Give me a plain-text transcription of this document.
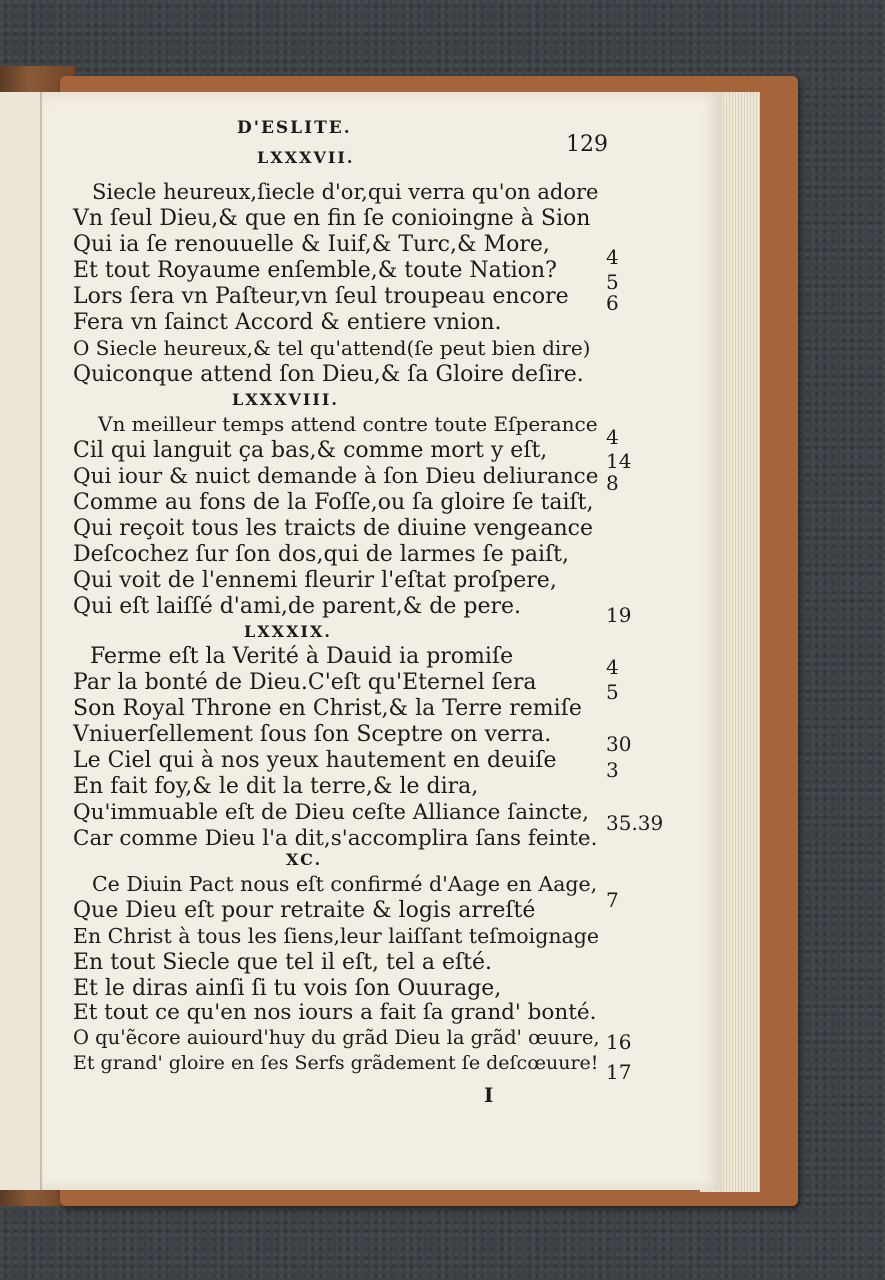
D'ESLITE.
129
LXXXVII.
Siecle heureux,ſiecle d'or,qui verra qu'on adore
Vn ſeul Dieu,& que en fin ſe conioingne à Sion
Qui ia ſe renouuelle & Iuif,& Turc,& More,
Et tout Royaume enſemble,& toute Nation?
Lors ſera vn Paſteur,vn ſeul troupeau encore
Fera vn ſainct Accord & entiere vnion.
O Siecle heureux,& tel qu'attend(ſe peut bien dire)
Quiconque attend ſon Dieu,& ſa Gloire deſire.
4
5
6
LXXXVIII.
Vn meilleur temps attend contre toute Eſperance
Cil qui languit ça bas,& comme mort y eſt,
Qui iour & nuict demande à ſon Dieu deliurance
Comme au fons de la Foſſe,ou ſa gloire ſe taiſt,
Qui reçoit tous les traicts de diuine vengeance
Deſcochez ſur ſon dos,qui de larmes ſe paiſt,
Qui voit de l'ennemi fleurir l'eſtat proſpere,
Qui eſt laiſſé d'ami,de parent,& de pere.
4
14
8
19
LXXXIX.
Ferme eſt la Verité à Dauid ia promiſe
Par la bonté de Dieu.C'eſt qu'Eternel ſera
Son Royal Throne en Christ,& la Terre remiſe
Vniuerſellement ſous ſon Sceptre on verra.
Le Ciel qui à nos yeux hautement en deuiſe
En fait foy,& le dit la terre,& le dira,
Qu'immuable eſt de Dieu ceſte Alliance ſaincte,
Car comme Dieu l'a dit,s'accomplira ſans feinte.
4
5
30
3
35.39
XC.
Ce Diuin Pact nous eſt confirmé d'Aage en Aage,
Que Dieu eſt pour retraite & logis arreſté
En Christ à tous les ſiens,leur laiſſant teſmoignage
En tout Siecle que tel il eſt, tel a eſté.
Et le diras ainſi ſi tu vois ſon Ouurage,
Et tout ce qu'en nos iours a fait ſa grand' bonté.
O qu'ẽcore auiourd'huy du grãd Dieu la grãd' œuure,
Et grand' gloire en ſes Serfs grãdement ſe deſcœuure!
7
16
17
I
